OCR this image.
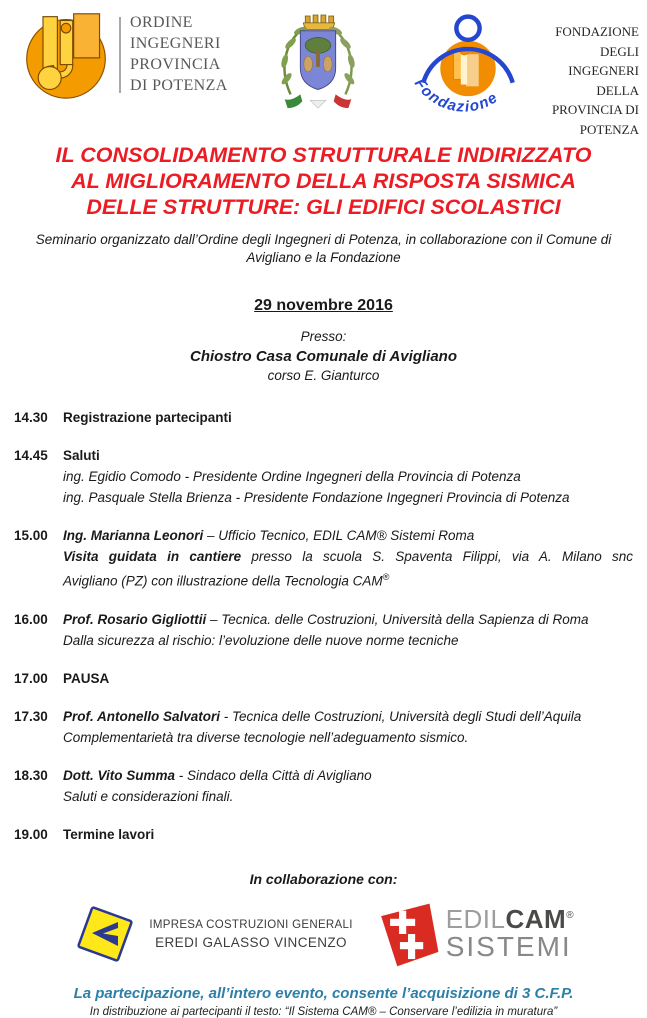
ORDINE
INGEGNERI
PROVINCIA
DI POTENZA	Fondazione
FONDAZIONE DEGLI
INGEGNERI DELLA
PROVINCIA DI
POTENZA
IL CONSOLIDAMENTO STRUTTURALE INDIRIZZATO
AL MIGLIORAMENTO DELLA RISPOSTA SISMICA
DELLE STRUTTURE: GLI EDIFICI SCOLASTICI

Seminario organizzato dall’Ordine degli Ingegneri di Potenza, in collaborazione con il Comune di Avigliano e la Fondazione

29 novembre 2016
Presso:
Chiostro Casa Comunale di Avigliano
corso E. Gianturco
14.30	Registrazione partecipanti
14.45	Saluti
ing. Egidio Comodo - Presidente Ordine Ingegneri della Provincia di Potenza
ing. Pasquale Stella Brienza - Presidente Fondazione Ingegneri Provincia di Potenza
15.00	Ing. Marianna Leonori – Ufficio Tecnico, EDIL CAM® Sistemi Roma
Visita guidata in cantiere presso la scuola S. Spaventa Filippi, via A. Milano snc
Avigliano (PZ) con illustrazione della Tecnologia CAM®
16.00	Prof. Rosario Gigliottii – Tecnica. delle Costruzioni, Università della Sapienza di Roma
Dalla sicurezza al rischio: l’evoluzione delle nuove norme tecniche
17.00	PAUSA
17.30	Prof. Antonello Salvatori - Tecnica delle Costruzioni, Università degli Studi dell’Aquila
Complementarietà tra diverse tecnologie nell’adeguamento sismico.
18.30	Dott. Vito Summa - Sindaco della Città di Avigliano
Saluti e considerazioni finali.
19.00	Termine lavori
In collaborazione con:
IMPRESA COSTRUZIONI GENERALI
EREDI GALASSO VINCENZO
EDILCAM®
SISTEMI
La partecipazione, all’intero evento, consente l’acquisizione di 3 C.F.P.
In distribuzione ai partecipanti il testo: “Il Sistema CAM® – Conservare l’edilizia in muratura”
